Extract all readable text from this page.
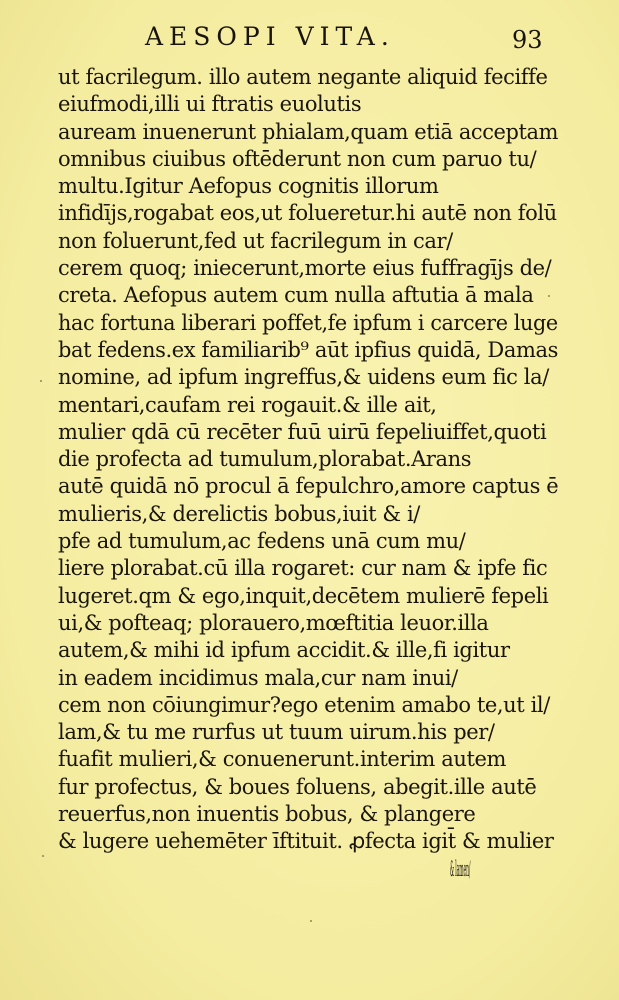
AESOPI VITA.	93
ut facrilegum. illo autem negante aliquid feciffe
eiufmodi,illi ui ftratis euolutis
auream inuenerunt phialam,quam etiā acceptam
omnibus ciuibus oftēderunt non cum paruo tu/
multu.Igitur Aefopus cognitis illorum
infidījs,rogabat eos,ut folueretur.hi autē non folū
non foluerunt,fed ut facrilegum in car/
cerem quoq; iniecerunt,morte eius fuffragījs de/
creta. Aefopus autem cum nulla aftutia ā mala
hac fortuna liberari poffet,fe ipfum i carcere luge
bat fedens.ex familiarib⁹ aūt ipfius quidā, Damas
nomine, ad ipfum ingreffus,& uidens eum fic la/
mentari,caufam rei rogauit.& ille ait,
mulier qdā cū recēter fuū uirū fepeliuiffet,quoti
die profecta ad tumulum,plorabat.Arans
autē quidā nō procul ā fepulchro,amore captus ē
mulieris,& derelictis bobus,iuit & i/
pfe ad tumulum,ac fedens unā cum mu/
liere plorabat.cū illa rogaret: cur nam & ipfe fic
lugeret.qm & ego,inquit,decētem mulierē fepeli
ui,& pofteaq; plorauero,mœftitia leuor.illa
autem,& mihi id ipfum accidit.& ille,fi igitur
in eadem incidimus mala,cur nam inui/
cem non cōiungimur?ego etenim amabo te,ut il/
lam,& tu me rurfus ut tuum uirum.his per/
fuafit mulieri,& conuenerunt.interim autem
fur profectus, & boues foluens, abegit.ille autē
reuerfus,non inuentis bobus, & plangere
& lugere uehemēter īftituit. ꝓfecta igit̄ & mulier
& lamen/
